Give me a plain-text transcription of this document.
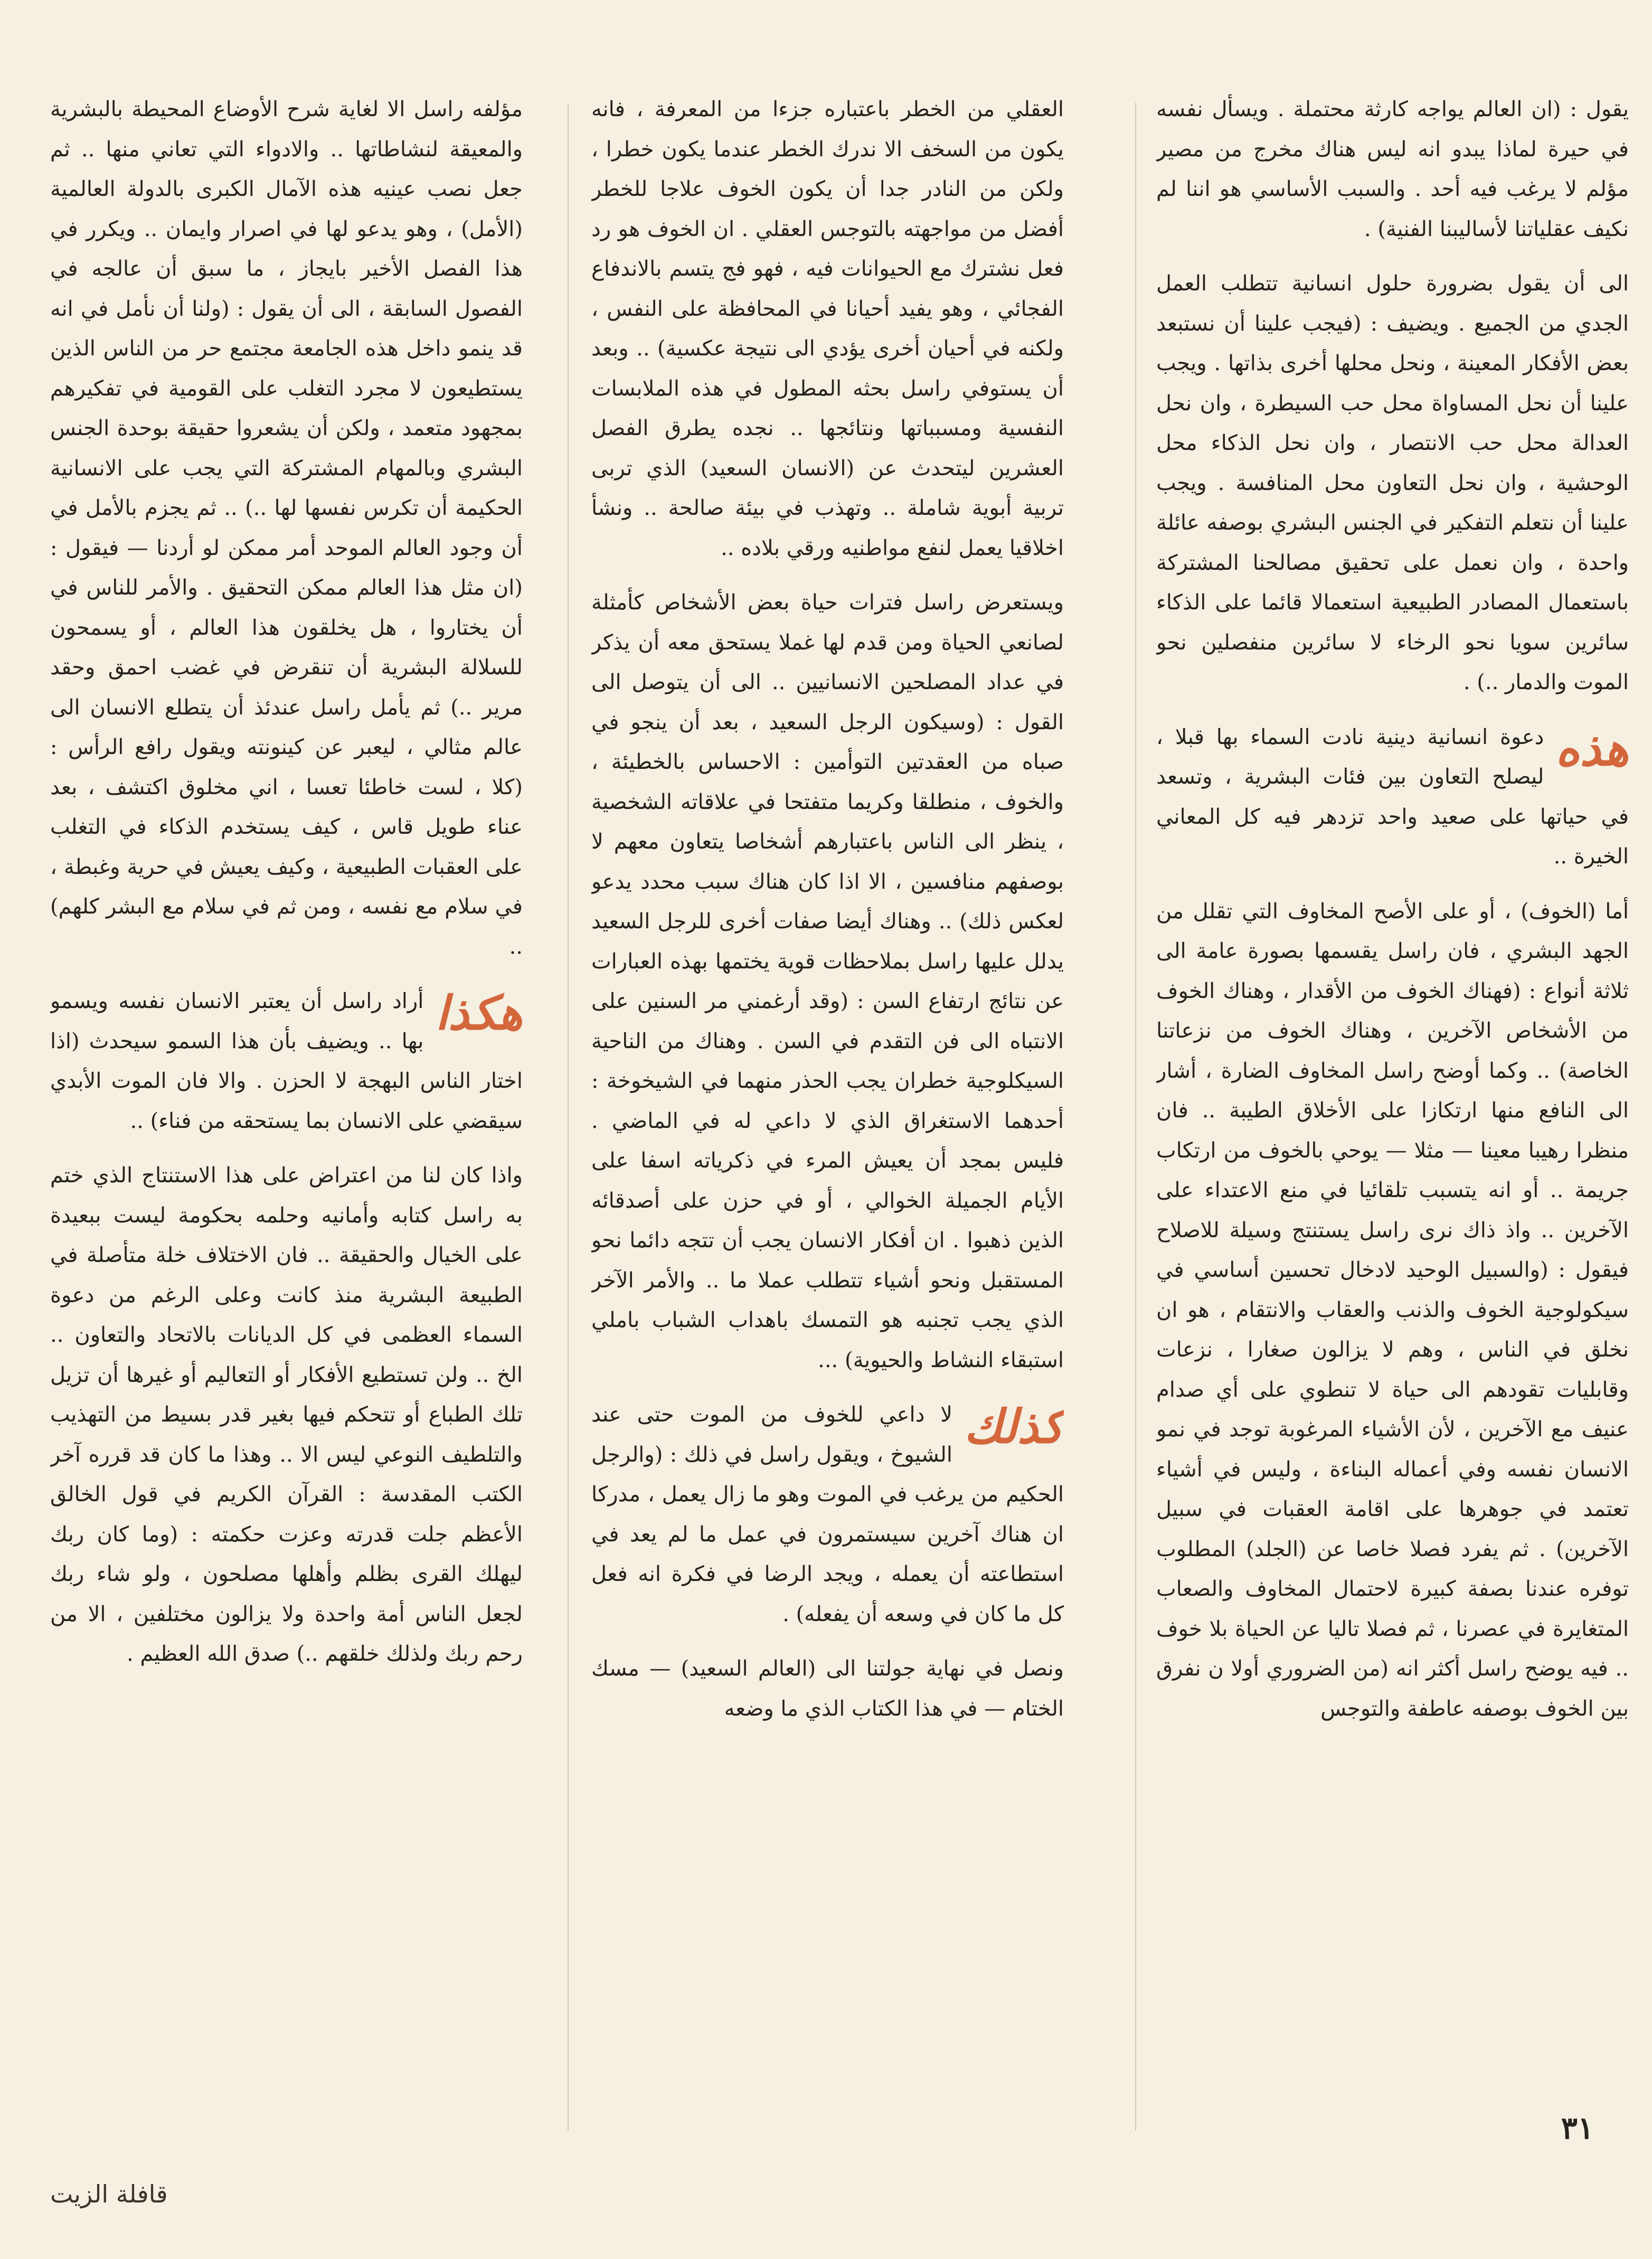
يقول : (ان العالم يواجه كارثة محتملة . ويسأل نفسه في حيرة لماذا يبدو انه ليس هناك مخرج من مصير مؤلم لا يرغب فيه أحد . والسبب الأساسي هو اننا لم نكيف عقلياتنا لأساليبنا الفنية) .

الى أن يقول بضرورة حلول انسانية تتطلب العمل الجدي من الجميع . ويضيف : (فيجب علينا أن نستبعد بعض الأفكار المعينة ، ونحل محلها أخرى بذاتها . ويجب علينا أن نحل المساواة محل حب السيطرة ، وان نحل العدالة محل حب الانتصار ، وان نحل الذكاء محل الوحشية ، وان نحل التعاون محل المنافسة . ويجب علينا أن نتعلم التفكير في الجنس البشري بوصفه عائلة واحدة ، وان نعمل على تحقيق مصالحنا المشتركة باستعمال المصادر الطبيعية استعمالا قائما على الذكاء سائرين سويا نحو الرخاء لا سائرين منفصلين نحو الموت والدمار ..) .

هذه
دعوة انسانية دينية نادت السماء بها قبلا ، ليصلح التعاون بين فئات البشرية ، وتسعد في حياتها على صعيد واحد تزدهر فيه كل المعاني الخيرة ..

أما (الخوف) ، أو على الأصح المخاوف التي تقلل من الجهد البشري ، فان راسل يقسمها بصورة عامة الى ثلاثة أنواع : (فهناك الخوف من الأقدار ، وهناك الخوف من الأشخاص الآخرين ، وهناك الخوف من نزعاتنا الخاصة) .. وكما أوضح راسل المخاوف الضارة ، أشار الى النافع منها ارتكازا على الأخلاق الطيبة .. فان منظرا رهيبا معينا — مثلا — يوحي بالخوف من ارتكاب جريمة .. أو انه يتسبب تلقائيا في منع الاعتداء على الآخرين .. واذ ذاك نرى راسل يستنتج وسيلة للاصلاح فيقول : (والسبيل الوحيد لادخال تحسين أساسي في سيكولوجية الخوف والذنب والعقاب والانتقام ، هو ان نخلق في الناس ، وهم لا يزالون صغارا ، نزعات وقابليات تقودهم الى حياة لا تنطوي على أي صدام عنيف مع الآخرين ، لأن الأشياء المرغوبة توجد في نمو الانسان نفسه وفي أعماله البناءة ، وليس في أشياء تعتمد في جوهرها على اقامة العقبات في سبيل الآخرين) . ثم يفرد فصلا خاصا عن (الجلد) المطلوب توفره عندنا بصفة كبيرة لاحتمال المخاوف والصعاب المتغايرة في عصرنا ، ثم فصلا تاليا عن الحياة بلا خوف .. فيه يوضح راسل أكثر انه (من الضروري أولا ن نفرق بين الخوف بوصفه عاطفة والتوجس

العقلي من الخطر باعتباره جزءا من المعرفة ، فانه يكون من السخف الا ندرك الخطر عندما يكون خطرا ، ولكن من النادر جدا أن يكون الخوف علاجا للخطر أفضل من مواجهته بالتوجس العقلي . ان الخوف هو رد فعل نشترك مع الحيوانات فيه ، فهو فج يتسم بالاندفاع الفجائي ، وهو يفيد أحيانا في المحافظة على النفس ، ولكنه في أحيان أخرى يؤدي الى نتيجة عكسية) .. وبعد أن يستوفي راسل بحثه المطول في هذه الملابسات النفسية ومسبباتها ونتائجها .. نجده يطرق الفصل العشرين ليتحدث عن (الانسان السعيد) الذي تربى تربية أبوية شاملة .. وتهذب في بيئة صالحة .. ونشأ اخلاقيا يعمل لنفع مواطنيه ورقي بلاده ..

ويستعرض راسل فترات حياة بعض الأشخاص كأمثلة لصانعي الحياة ومن قدم لها غملا يستحق معه أن يذكر في عداد المصلحين الانسانيين .. الى أن يتوصل الى القول : (وسيكون الرجل السعيد ، بعد أن ينجو في صباه من العقدتين التوأمين : الاحساس بالخطيئة ، والخوف ، منطلقا وكريما متفتحا في علاقاته الشخصية ، ينظر الى الناس باعتبارهم أشخاصا يتعاون معهم لا بوصفهم منافسين ، الا اذا كان هناك سبب محدد يدعو لعكس ذلك) .. وهناك أيضا صفات أخرى للرجل السعيد يدلل عليها راسل بملاحظات قوية يختمها بهذه العبارات عن نتائج ارتفاع السن : (وقد أرغمني مر السنين على الانتباه الى فن التقدم في السن . وهناك من الناحية السيكلوجية خطران يجب الحذر منهما في الشيخوخة : أحدهما الاستغراق الذي لا داعي له في الماضي . فليس بمجد أن يعيش المرء في ذكرياته اسفا على الأيام الجميلة الخوالي ، أو في حزن على أصدقائه الذين ذهبوا . ان أفكار الانسان يجب أن تتجه دائما نحو المستقبل ونحو أشياء تتطلب عملا ما .. والأمر الآخر الذي يجب تجنبه هو التمسك باهداب الشباب باملي استبقاء النشاط والحيوية) ...

كذلك
لا داعي للخوف من الموت حتى عند الشيوخ ، ويقول راسل في ذلك : (والرجل الحكيم من يرغب في الموت وهو ما زال يعمل ، مدركا ان هناك آخرين سيستمرون في عمل ما لم يعد في استطاعته أن يعمله ، ويجد الرضا في فكرة انه فعل كل ما كان في وسعه أن يفعله) .

ونصل في نهاية جولتنا الى (العالم السعيد) — مسك الختام — في هذا الكتاب الذي ما وضعه

مؤلفه راسل الا لغاية شرح الأوضاع المحيطة بالبشرية والمعيقة لنشاطاتها .. والادواء التي تعاني منها .. ثم جعل نصب عينيه هذه الآمال الكبرى بالدولة العالمية (الأمل) ، وهو يدعو لها في اصرار وايمان .. ويكرر في هذا الفصل الأخير بايجاز ، ما سبق أن عالجه في الفصول السابقة ، الى أن يقول : (ولنا أن نأمل في انه قد ينمو داخل هذه الجامعة مجتمع حر من الناس الذين يستطيعون لا مجرد التغلب على القومية في تفكيرهم بمجهود متعمد ، ولكن أن يشعروا حقيقة بوحدة الجنس البشري وبالمهام المشتركة التي يجب على الانسانية الحكيمة أن تكرس نفسها لها ..) .. ثم يجزم بالأمل في أن وجود العالم الموحد أمر ممكن لو أردنا — فيقول : (ان مثل هذا العالم ممكن التحقيق . والأمر للناس في أن يختاروا ، هل يخلقون هذا العالم ، أو يسمحون للسلالة البشرية أن تنقرض في غضب احمق وحقد مرير ..) ثم يأمل راسل عندئذ أن يتطلع الانسان الى عالم مثالي ، ليعبر عن كينونته ويقول رافع الرأس : (كلا ، لست خاطئا تعسا ، اني مخلوق اكتشف ، بعد عناء طويل قاس ، كيف يستخدم الذكاء في التغلب على العقبات الطبيعية ، وكيف يعيش في حرية وغبطة ، في سلام مع نفسه ، ومن ثم في سلام مع البشر كلهم) ..

هكذا
أراد راسل أن يعتبر الانسان نفسه ويسمو بها .. ويضيف بأن هذا السمو سيحدث (اذا اختار الناس البهجة لا الحزن . والا فان الموت الأبدي سيقضي على الانسان بما يستحقه من فناء) ..

واذا كان لنا من اعتراض على هذا الاستنتاج الذي ختم به راسل كتابه وأمانيه وحلمه بحكومة ليست ببعيدة على الخيال والحقيقة .. فان الاختلاف خلة متأصلة في الطبيعة البشرية منذ كانت وعلى الرغم من دعوة السماء العظمى في كل الديانات بالاتحاد والتعاون .. الخ .. ولن تستطيع الأفكار أو التعاليم أو غيرها أن تزيل تلك الطباع أو تتحكم فيها بغير قدر بسيط من التهذيب والتلطيف النوعي ليس الا .. وهذا ما كان قد قرره آخر الكتب المقدسة : القرآن الكريم في قول الخالق الأعظم جلت قدرته وعزت حكمته : (وما كان ربك ليهلك القرى بظلم وأهلها مصلحون ، ولو شاء ربك لجعل الناس أمة واحدة ولا يزالون مختلفين ، الا من رحم ربك ولذلك خلقهم ..) صدق الله العظيم .

٣١
قافلة الزيت
